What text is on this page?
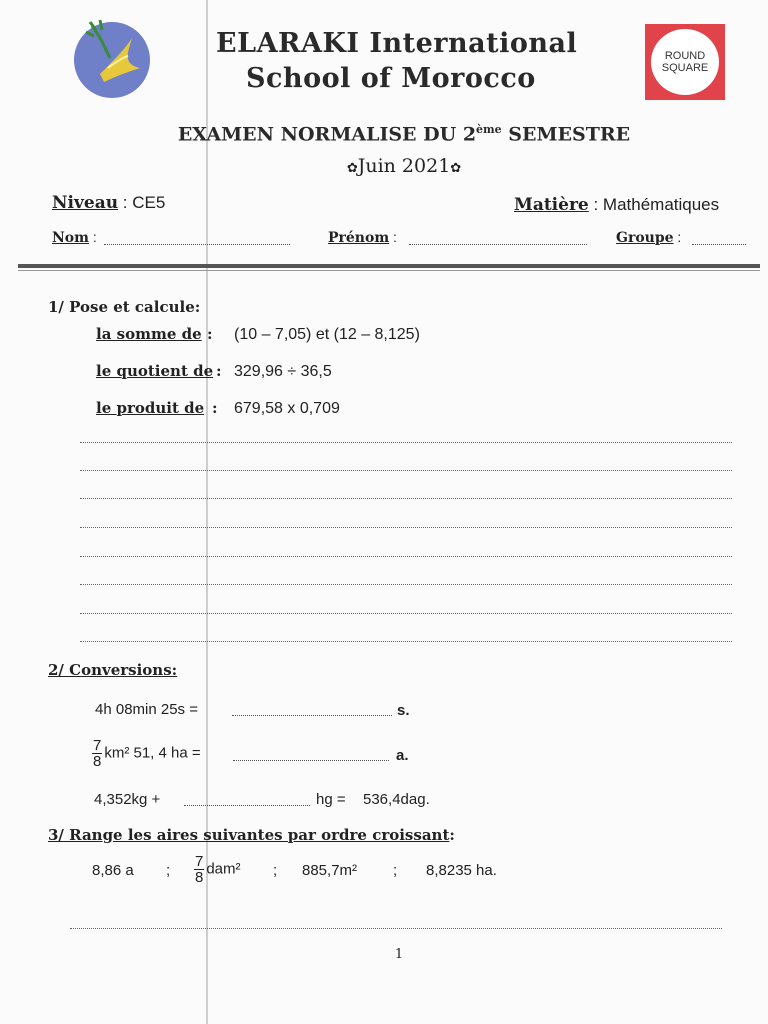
ELARAKI International
School of Morocco
ROUND
SQUARE
EXAMEN NORMALISE DU 2ème SEMESTRE
✿Juin 2021✿
Niveau : CE5	Matière : Mathématiques
Nom :	Prénom :	Groupe :
1/ Pose et calcule:
la somme de : (10 – 7,05) et (12 – 8,125)
le quotient de : 329,96 ÷ 36,5
le produit de : 679,58 x 0,709
2/ Conversions:
4h 08min 25s =	s.
$\frac{7}{8} km^2$ 51, 4 ha =	a.
4,352kg +	hg = 536,4dag.
3/ Range les aires suivantes par ordre croissant:
8,86 a ; $\frac{7}{8} dam^2$ ; 885,7m² ; 8,8235 ha.
1
